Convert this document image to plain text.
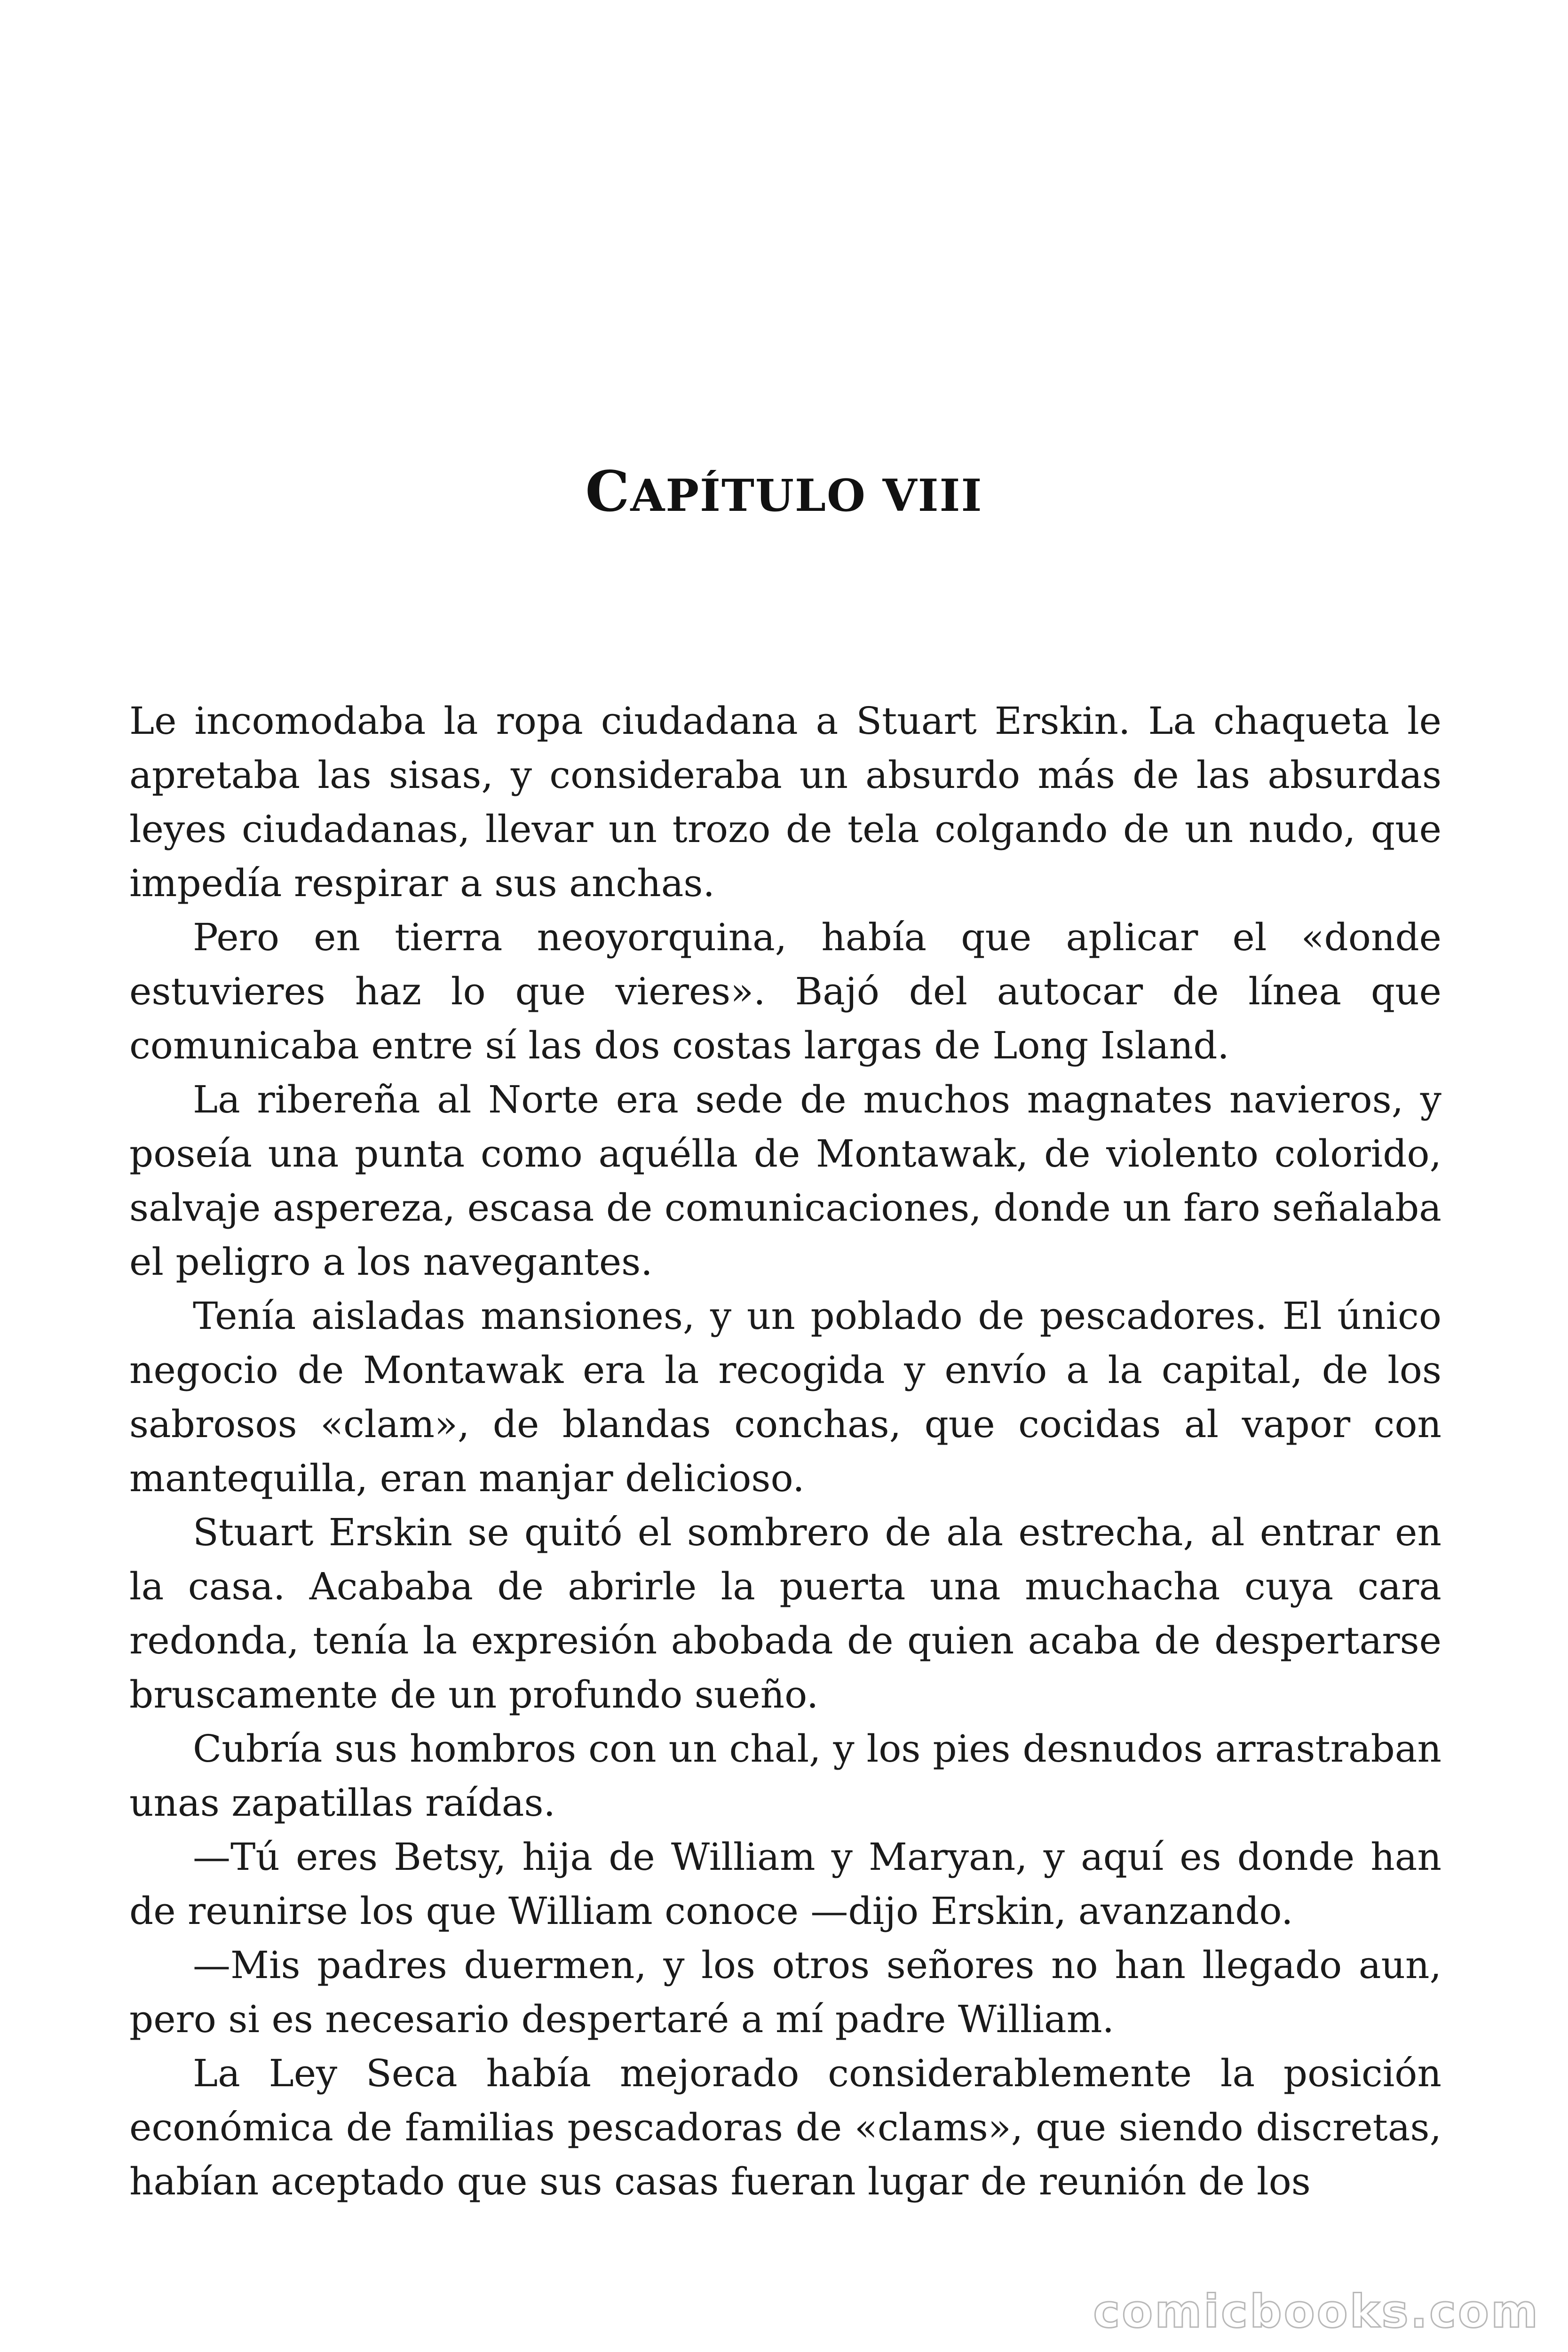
CAPÍTULO VIII

Le incomodaba la ropa ciudadana a Stuart Erskin. La chaqueta le apretaba las sisas, y consideraba un absurdo más de las absurdas leyes ciudadanas, llevar un trozo de tela colgando de un nudo, que impedía respirar a sus anchas.

Pero en tierra neoyorquina, había que aplicar el «donde estuvieres haz lo que vieres». Bajó del autocar de línea que comunicaba entre sí las dos costas largas de Long Island.

La ribereña al Norte era sede de muchos magnates navieros, y poseía una punta como aquélla de Montawak, de violento colorido, salvaje aspereza, escasa de comunicaciones, donde un faro señalaba el peligro a los navegantes.

Tenía aisladas mansiones, y un poblado de pescadores. El único negocio de Montawak era la recogida y envío a la capital, de los sabrosos «clam», de blandas conchas, que cocidas al vapor con mantequilla, eran manjar delicioso.

Stuart Erskin se quitó el sombrero de ala estrecha, al entrar en la casa. Acababa de abrirle la puerta una muchacha cuya cara redonda, tenía la expresión abobada de quien acaba de despertarse bruscamente de un profundo sueño.

Cubría sus hombros con un chal, y los pies desnudos arrastraban unas zapatillas raídas.

—Tú eres Betsy, hija de William y Maryan, y aquí es donde han de reunirse los que William conoce —dijo Erskin, avanzando.

—Mis padres duermen, y los otros señores no han llegado aun, pero si es necesario despertaré a mí padre William.

La Ley Seca había mejorado considerablemente la posición económica de familias pescadoras de «clams», que siendo discretas, habían aceptado que sus casas fueran lugar de reunión de los

comicbooks.com
